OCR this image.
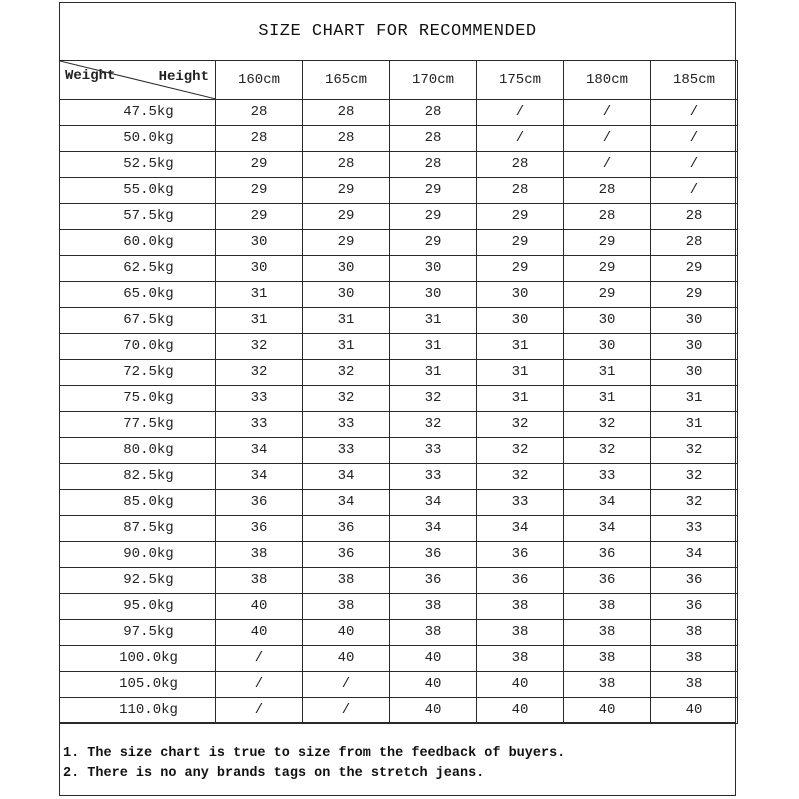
SIZE CHART FOR RECOMMENDED
Weight Height	160cm	165cm	170cm	175cm	180cm	185cm
47.5kg	28	28	28	/	/	/
50.0kg	28	28	28	/	/	/
52.5kg	29	28	28	28	/	/
55.0kg	29	29	29	28	28	/
57.5kg	29	29	29	29	28	28
60.0kg	30	29	29	29	29	28
62.5kg	30	30	30	29	29	29
65.0kg	31	30	30	30	29	29
67.5kg	31	31	31	30	30	30
70.0kg	32	31	31	31	30	30
72.5kg	32	32	31	31	31	30
75.0kg	33	32	32	31	31	31
77.5kg	33	33	32	32	32	31
80.0kg	34	33	33	32	32	32
82.5kg	34	34	33	32	33	32
85.0kg	36	34	34	33	34	32
87.5kg	36	36	34	34	34	33
90.0kg	38	36	36	36	36	34
92.5kg	38	38	36	36	36	36
95.0kg	40	38	38	38	38	36
97.5kg	40	40	38	38	38	38
100.0kg	/	40	40	38	38	38
105.0kg	/	/	40	40	38	38
110.0kg	/	/	40	40	40	40
1. The size chart is true to size from the feedback of buyers.
2. There is no any brands tags on the stretch jeans.
